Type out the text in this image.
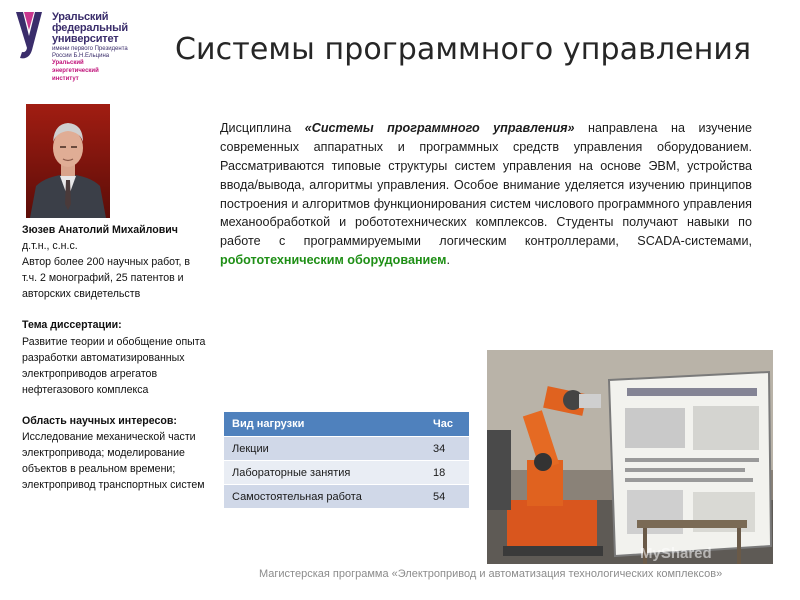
Уральский
федеральный
университет
имени первого Президента
России Б.Н.Ельцина
Уральский
энергетический
институт
Системы программного управления
Зюзев Анатолий Михайлович
д.т.н., с.н.с.
Автор более 200 научных работ, в т.ч. 2 монографий, 25 патентов и авторских свидетельств
Тема диссертации:
Развитие теории и обобщение опыта разработки автоматизированных электроприводов агрегатов нефтегазового комплекса
Область научных интересов:
Исследование механической части электропривода; моделирование объектов в реальном времени; электропривод транспортных систем
Дисциплина «Системы программного управления» направлена на изучение современных аппаратных и программных средств управления оборудованием. Рассматриваются типовые структуры систем управления на основе ЭВМ, устройства ввода/вывода, алгоритмы управления. Особое внимание уделяется изучению принципов построения и алгоритмов функционирования систем числового программного управления механообработкой и робототехнических комплексов. Студенты получают навыки по работе с программируемыми логическим контроллерами, SCADA-системами, робототехническим оборудованием.
Вид нагрузки	Час
Лекции	34
Лабораторные занятия	18
Самостоятельная работа	54
MyShared
Магистерская программа «Электропривод и автоматизация технологических комплексов»
